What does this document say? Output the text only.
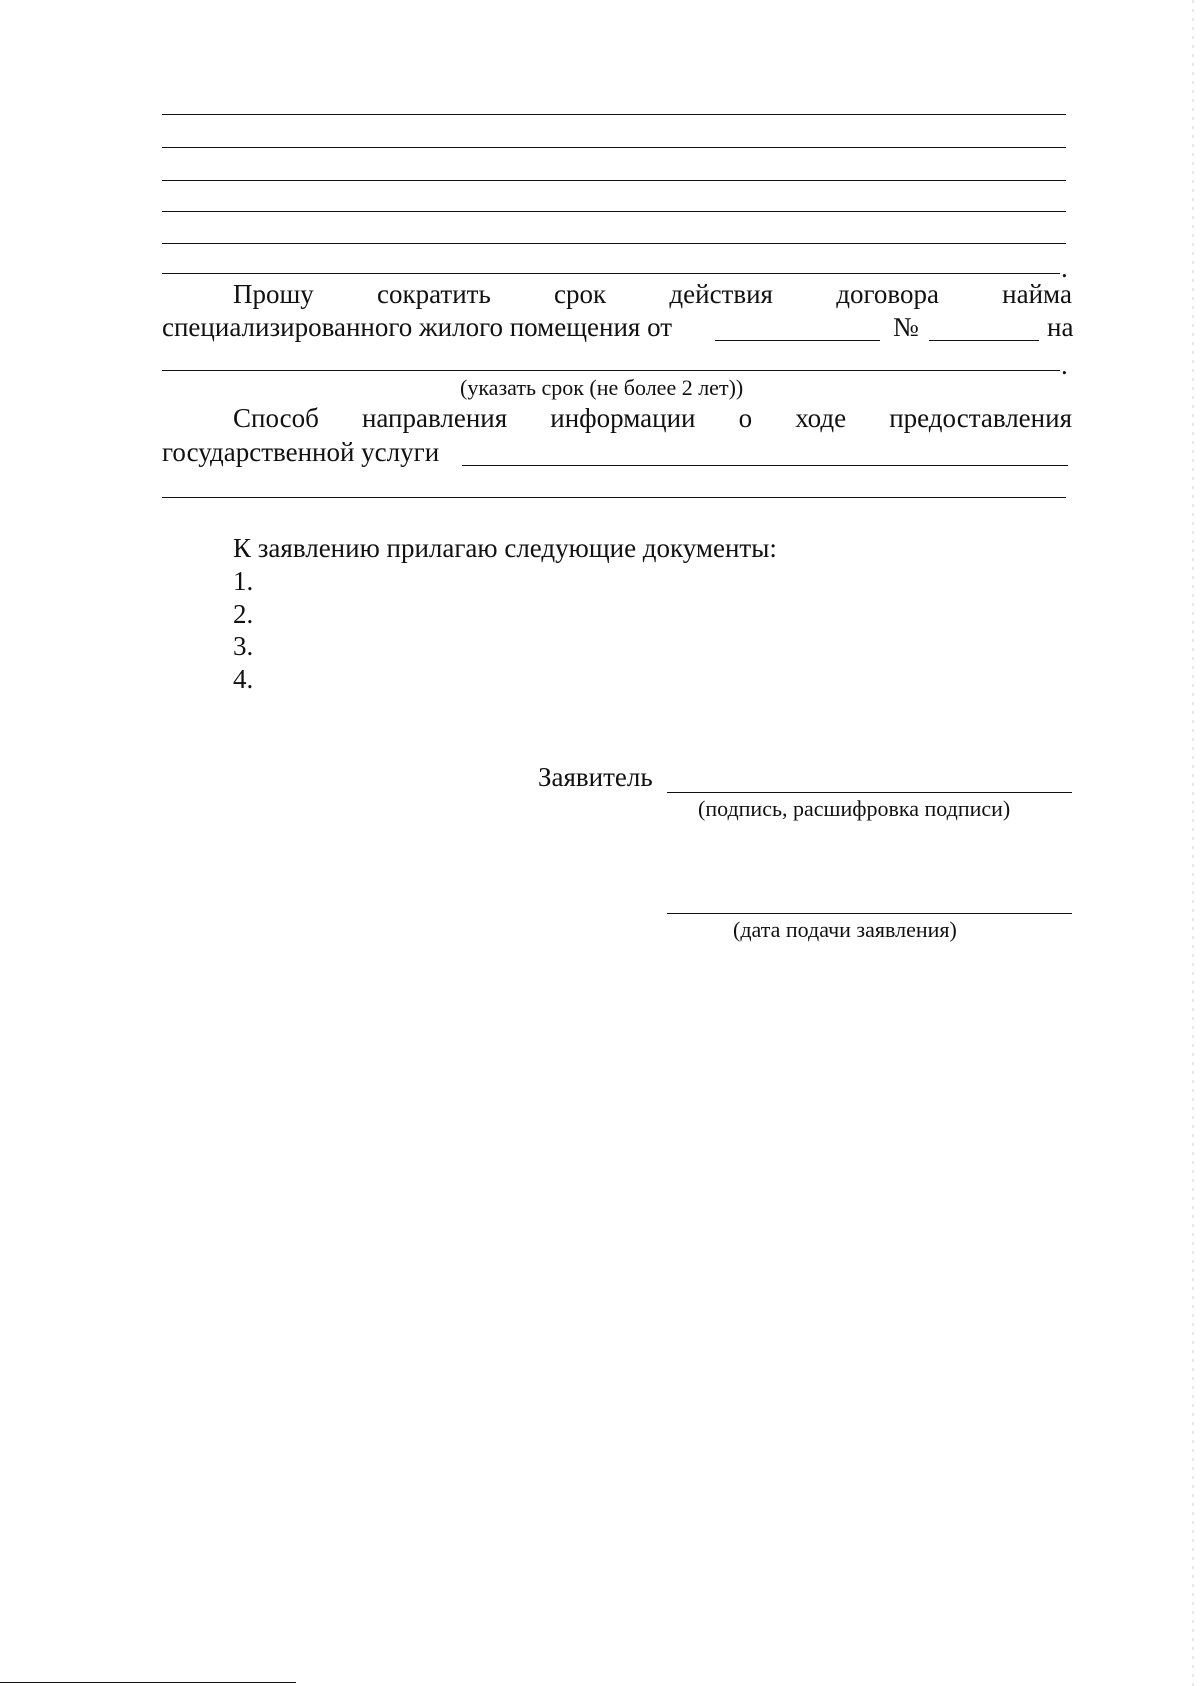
.
Прошу сократить срок действия договора найма
специализированного жилого помещения от	№	на
.
(указать срок (не более 2 лет))
Способ направления информации о ходе предоставления
государственной услуги
К заявлению прилагаю следующие документы:
1.
2.
3.
4.
Заявитель
(подпись, расшифровка подписи)
(дата подачи заявления)
